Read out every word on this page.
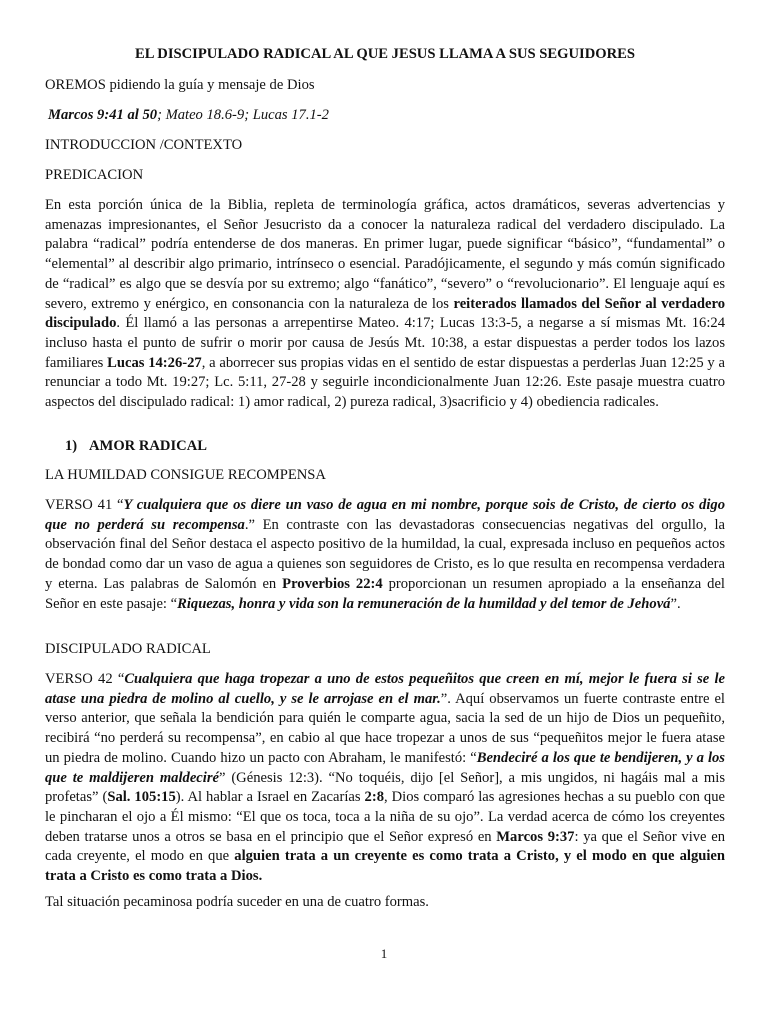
EL DISCIPULADO RADICAL AL QUE JESUS LLAMA A SUS SEGUIDORES
OREMOS pidiendo la guía y mensaje de Dios
Marcos 9:41 al 50; Mateo 18.6-9; Lucas 17.1-2
INTRODUCCION /CONTEXTO
PREDICACION
En esta porción única de la Biblia, repleta de terminología gráfica, actos dramáticos, severas advertencias y amenazas impresionantes, el Señor Jesucristo da a conocer la naturaleza radical del verdadero discipulado. La palabra “radical” podría entenderse de dos maneras. En primer lugar, puede significar “básico”, “fundamental” o “elemental” al describir algo primario, intrínseco o esencial. Paradójicamente, el segundo y más común significado de “radical” es algo que se desvía por su extremo; algo “fanático”, “severo” o “revolucionario”. El lenguaje aquí es severo, extremo y enérgico, en consonancia con la naturaleza de los reiterados llamados del Señor al verdadero discipulado. Él llamó a las personas a arrepentirse Mateo. 4:17; Lucas 13:3-5, a negarse a sí mismas Mt. 16:24 incluso hasta el punto de sufrir o morir por causa de Jesús Mt. 10:38, a estar dispuestas a perder todos los lazos familiares Lucas 14:26-27, a aborrecer sus propias vidas en el sentido de estar dispuestas a perderlas Juan 12:25 y a renunciar a todo Mt. 19:27; Lc. 5:11, 27-28 y seguirle incondicionalmente Juan 12:26. Este pasaje muestra cuatro aspectos del discipulado radical: 1) amor radical, 2) pureza radical, 3)sacrificio y 4) obediencia radicales.
1) AMOR RADICAL
LA HUMILDAD CONSIGUE RECOMPENSA
VERSO 41 “Y cualquiera que os diere un vaso de agua en mi nombre, porque sois de Cristo, de cierto os digo que no perderá su recompensa.” En contraste con las devastadoras consecuencias negativas del orgullo, la observación final del Señor destaca el aspecto positivo de la humildad, la cual, expresada incluso en pequeños actos de bondad como dar un vaso de agua a quienes son seguidores de Cristo, es lo que resulta en recompensa verdadera y eterna. Las palabras de Salomón en Proverbios 22:4 proporcionan un resumen apropiado a la enseñanza del Señor en este pasaje: “Riquezas, honra y vida son la remuneración de la humildad y del temor de Jehová”.
DISCIPULADO RADICAL
VERSO 42 “Cualquiera que haga tropezar a uno de estos pequeñitos que creen en mí, mejor le fuera si se le atase una piedra de molino al cuello, y se le arrojase en el mar.”. Aquí observamos un fuerte contraste entre el verso anterior, que señala la bendición para quién le comparte agua, sacia la sed de un hijo de Dios un pequeñito, recibirá “no perderá su recompensa”, en cabio al que hace tropezar a unos de sus “pequeñitos mejor le fuera atase un piedra de molino. Cuando hizo un pacto con Abraham, le manifestó: “Bendeciré a los que te bendijeren, y a los que te maldijeren maldeciré” (Génesis 12:3). “No toquéis, dijo [el Señor], a mis ungidos, ni hagáis mal a mis profetas” (Sal. 105:15). Al hablar a Israel en Zacarías 2:8, Dios comparó las agresiones hechas a su pueblo con que le pincharan el ojo a Él mismo: “El que os toca, toca a la niña de su ojo”. La verdad acerca de cómo los creyentes deben tratarse unos a otros se basa en el principio que el Señor expresó en Marcos 9:37: ya que el Señor vive en cada creyente, el modo en que alguien trata a un creyente es como trata a Cristo, y el modo en que alguien trata a Cristo es como trata a Dios.
Tal situación pecaminosa podría suceder en una de cuatro formas.
1
